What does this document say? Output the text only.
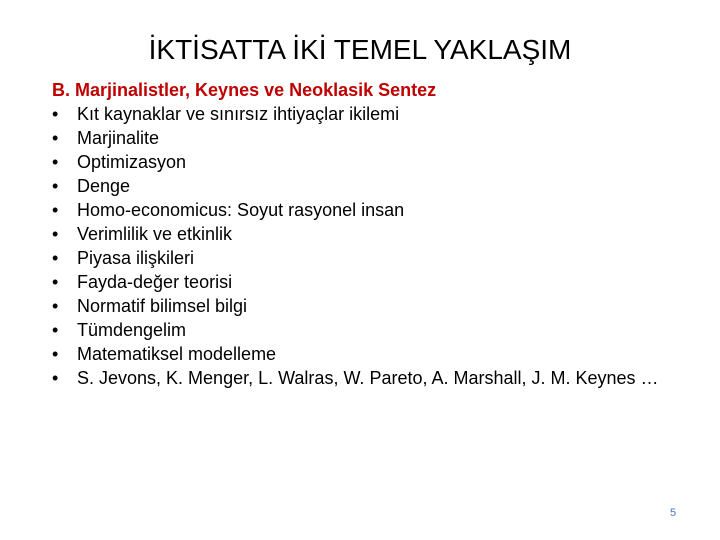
İKTİSATTA İKİ TEMEL YAKLAŞIM

B. Marjinalistler, Keynes ve Neoklasik Sentez

•	Kıt kaynaklar ve sınırsız ihtiyaçlar ikilemi
•	Marjinalite
•	Optimizasyon
•	Denge
•	Homo-economicus: Soyut rasyonel insan
•	Verimlilik ve etkinlik
•	Piyasa ilişkileri
•	Fayda-değer teorisi
•	Normatif bilimsel bilgi
•	Tümdengelim
•	Matematiksel modelleme
•	S. Jevons, K. Menger, L. Walras, W. Pareto, A. Marshall, J. M. Keynes …
5
